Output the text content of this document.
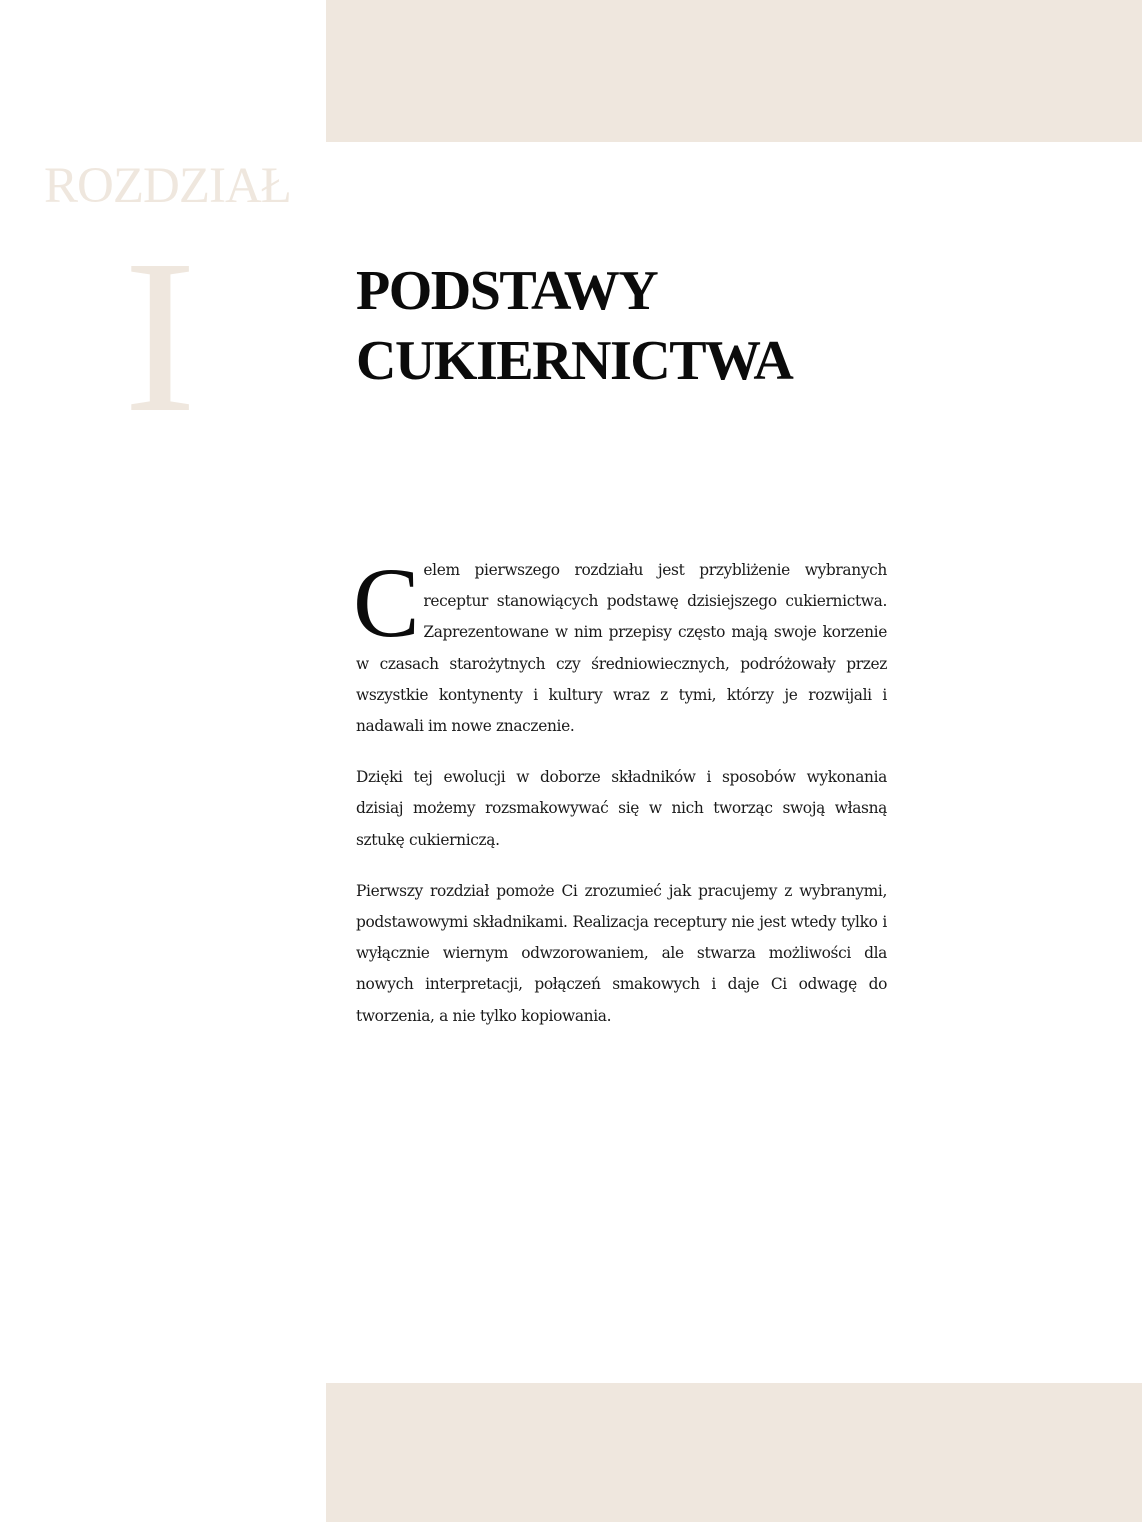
ROZDZIAŁ
I	PODSTAWY
CUKIERNICTWA

Celem pierwszego rozdziału jest przybliżenie wybranych receptur stanowiących podstawę dzisiejszego cukiernictwa. Zaprezentowane w nim przepisy często mają swoje korzenie w czasach starożytnych czy średniowiecznych, podróżowały przez wszystkie kontynenty i kultury wraz z tymi, którzy je rozwijali i nadawali im nowe znaczenie.

Dzięki tej ewolucji w doborze składników i sposobów wykonania dzisiaj możemy rozsmakowywać się w nich tworząc swoją własną sztukę cukierniczą.

Pierwszy rozdział pomoże Ci zrozumieć jak pracujemy z wybranymi, podstawowymi składnikami. Realizacja receptury nie jest wtedy tylko i wyłącznie wiernym odwzorowaniem, ale stwarza możliwości dla nowych interpretacji, połączeń smakowych i daje Ci odwagę do tworzenia, a nie tylko kopiowania.
